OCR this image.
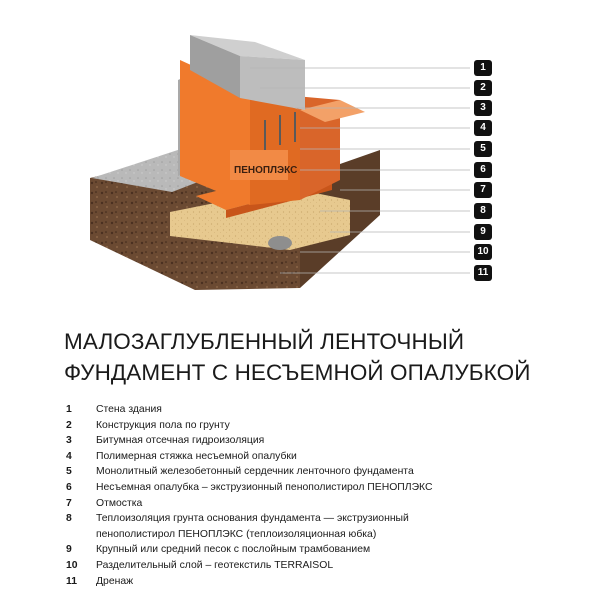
ПЕНОПЛЭКС
1
2
3
4
5
6
7
8
9
10
11
МАЛОЗАГЛУБЛЕННЫЙ ЛЕНТОЧНЫЙ
ФУНДАМЕНТ С НЕСЪЕМНОЙ ОПАЛУБКОЙ
1	Стена здания
2	Конструкция пола по грунту
3	Битумная отсечная гидроизоляция
4	Полимерная стяжка несъемной опалубки
5	Монолитный железобетонный сердечник ленточного фундамента
6	Несъемная опалубка – экструзионный пенополистирол ПЕНОПЛЭКС
7	Отмостка
8	Теплоизоляция грунта основания фундамента — экструзионный
пенополистирол ПЕНОПЛЭКС (теплоизоляционная юбка)
9	Крупный или средний песок с послойным трамбованием
10	Разделительный слой – геотекстиль TERRAISOL
11	Дренаж
